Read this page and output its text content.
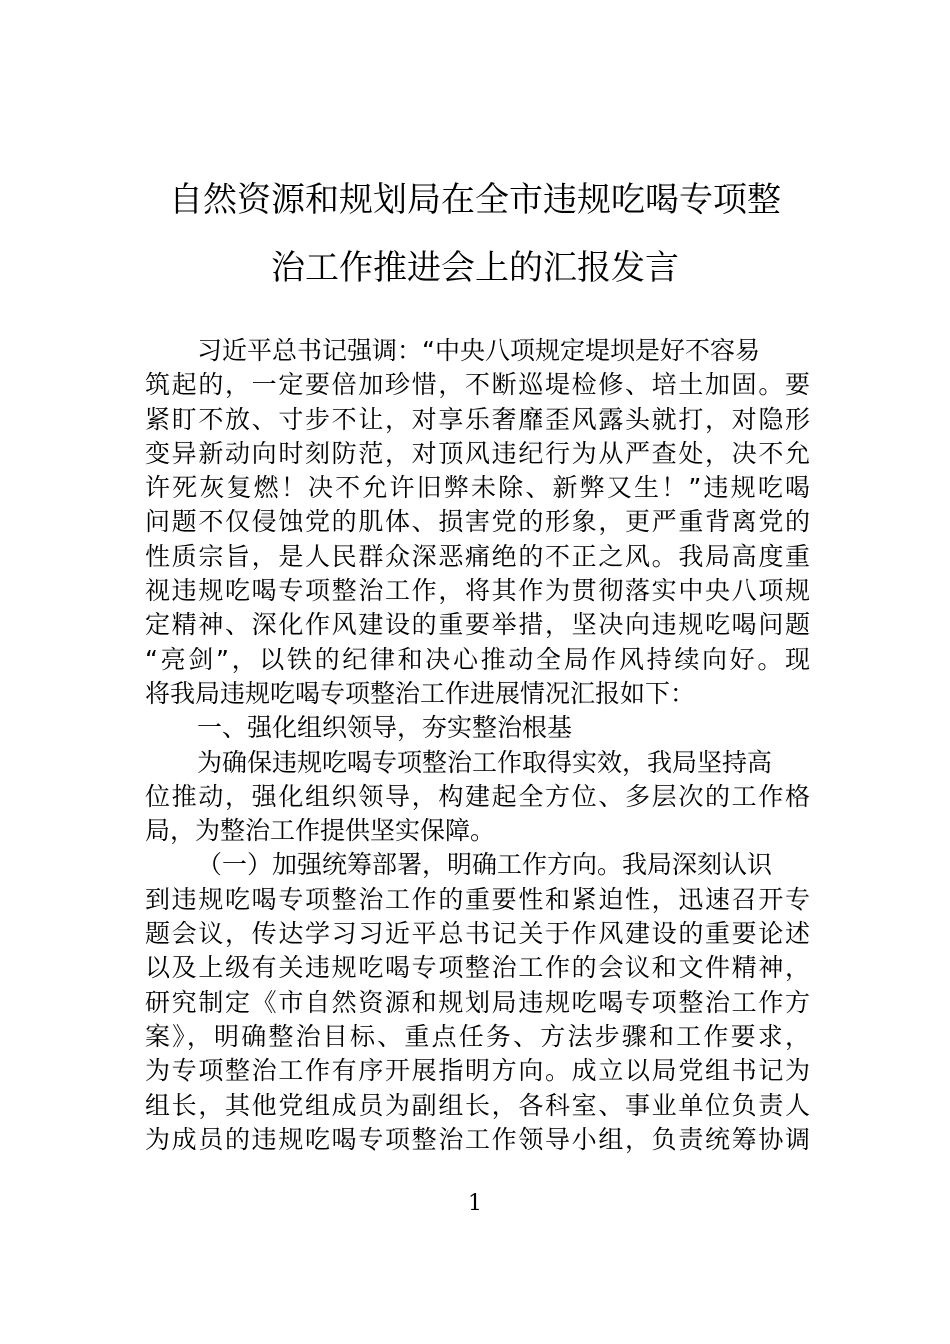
自然资源和规划局在全市违规吃喝专项整
治工作推进会上的汇报发言
习近平总书记强调：“中央八项规定堤坝是好不容易
筑起的，一定要倍加珍惜，不断巡堤检修、培土加固。要
紧盯不放、寸步不让，对享乐奢靡歪风露头就打，对隐形
变异新动向时刻防范，对顶风违纪行为从严查处，决不允
许死灰复燃！决不允许旧弊未除、新弊又生！”违规吃喝
问题不仅侵蚀党的肌体、损害党的形象，更严重背离党的
性质宗旨，是人民群众深恶痛绝的不正之风。我局高度重
视违规吃喝专项整治工作，将其作为贯彻落实中央八项规
定精神、深化作风建设的重要举措，坚决向违规吃喝问题
“亮剑”，以铁的纪律和决心推动全局作风持续向好。现
将我局违规吃喝专项整治工作进展情况汇报如下：
一、强化组织领导，夯实整治根基
为确保违规吃喝专项整治工作取得实效，我局坚持高
位推动，强化组织领导，构建起全方位、多层次的工作格
局，为整治工作提供坚实保障。
（一）加强统筹部署，明确工作方向。我局深刻认识
到违规吃喝专项整治工作的重要性和紧迫性，迅速召开专
题会议，传达学习习近平总书记关于作风建设的重要论述
以及上级有关违规吃喝专项整治工作的会议和文件精神，
研究制定《市自然资源和规划局违规吃喝专项整治工作方
案》，明确整治目标、重点任务、方法步骤和工作要求，
为专项整治工作有序开展指明方向。成立以局党组书记为
组长，其他党组成员为副组长，各科室、事业单位负责人
为成员的违规吃喝专项整治工作领导小组，负责统筹协调
1
